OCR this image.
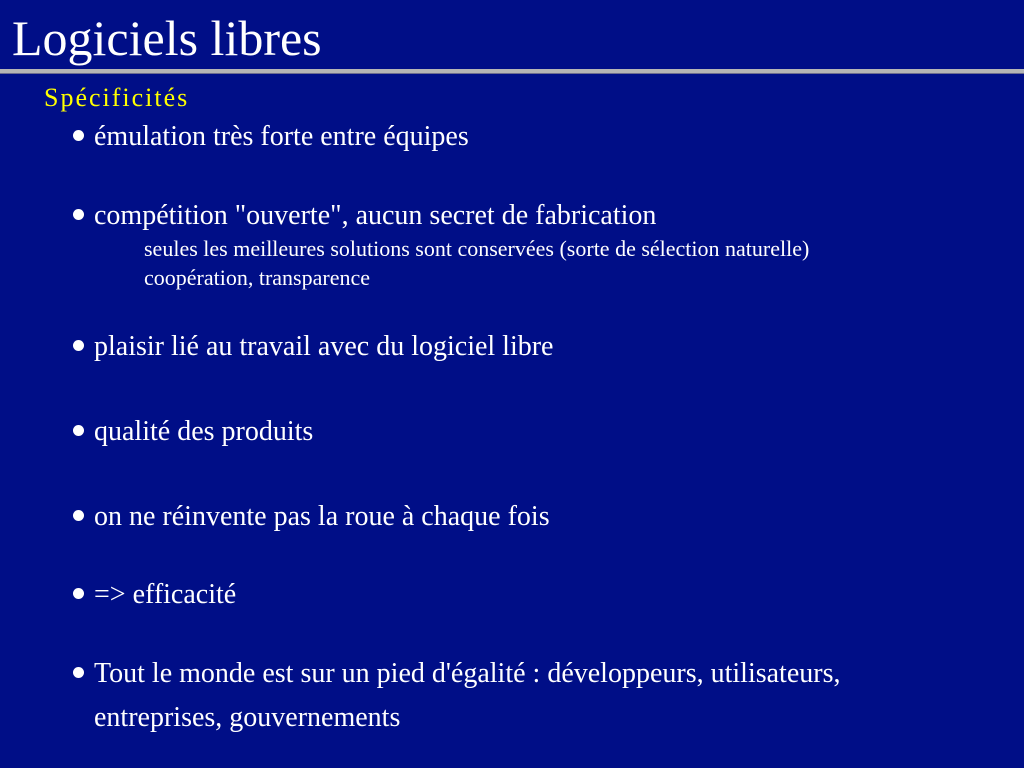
Logiciels libres
Spécificités
émulation très forte entre équipes
compétition "ouverte", aucun secret de fabrication
seules les meilleures solutions sont conservées (sorte de sélection naturelle)
coopération, transparence
plaisir lié au travail avec du logiciel libre
qualité des produits
on ne réinvente pas la roue à chaque fois
=> efficacité
Tout le monde est sur un pied d'égalité : développeurs, utilisateurs,
entreprises, gouvernements
